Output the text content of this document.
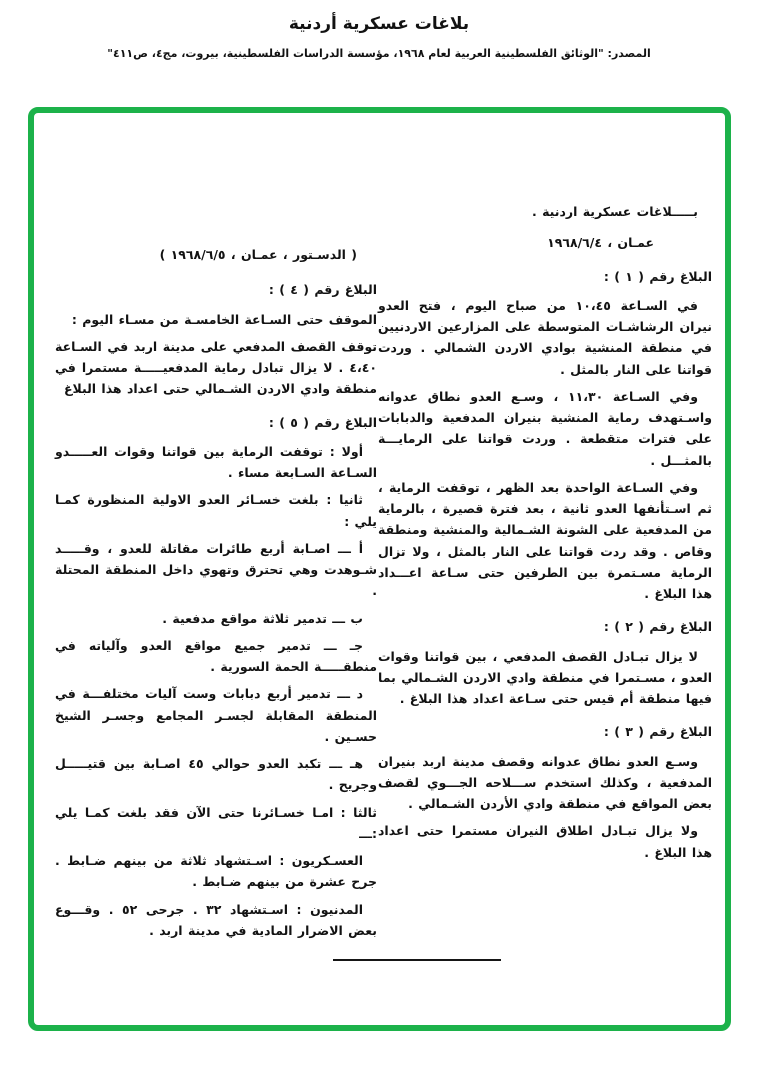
بلاغات عسكرية أردنية
المصدر: "الوثائق الفلسطينية العربية لعام ١٩٦٨، مؤسسة الدراسات الفلسطينية، بيروت، مج٤، ص٤١١"

بـــــلاغات عسكرية اردنية .

عمـان ، ١٩٦٨/٦/٤

البلاغ رقم ( ١ ) :

في السـاعة ١٠،٤٥ من صباح اليوم ، فتح العدو نيران الرشاشـات المتوسطة على المزارعين الاردنيين في منطقة المنشية بوادي الاردن الشمالي . وردت قواتنا على النار بالمثل .

وفي السـاعة ١١،٣٠ ، وسـع العدو نطاق عدوانه واسـتهدف رماية المنشية بنيران المدفعية والدبابات على فترات متقطعة . وردت قواتنا على الرمايـــة بالمثـــل .

وفي السـاعة الواحدة بعد الظهر ، توقفت الرماية ، ثم اسـتأنفها العدو ثانية ، بعد فترة قصيرة ، بالرماية من المدفعية على الشونة الشـمالية والمنشية ومنطقة وقاص . وقد ردت قواتنا على النار بالمثل ، ولا تزال الرماية مسـتمرة بين الطرفين حتى سـاعة اعـــداد هذا البلاغ .

البلاغ رقم ( ٢ ) :

لا يزال تبـادل القصف المدفعي ، بين قواتنا وقوات العدو ، مسـتمرا في منطقة وادي الاردن الشـمالي بما فيها منطقة أم قيس حتى سـاعة اعداد هذا البلاغ .

البلاغ رقم ( ٣ ) :

وسـع العدو نطاق عدوانه وقصف مدينة اربد بنيران المدفعية ، وكذلك استخدم ســـلاحه الجـــوي لقصف بعض المواقع في منطقة وادي الأردن الشـمالي .

ولا يزال تبـادل اطلاق النيران مستمرا حتى اعداد هذا البلاغ .

( الدسـتور ، عمـان ، ١٩٦٨/٦/٥ )

البلاغ رقم ( ٤ ) :

الموقف حتى السـاعة الخامسـة من مسـاء اليوم :

توقف القصف المدفعي على مدينة اربد في السـاعة ٤،٤٠ . لا يزال تبادل رماية المدفعيـــــة مستمرا في منطقة وادي الاردن الشـمالي حتى اعداد هذا البلاغ

البلاغ رقم ( ٥ ) :

أولا : توقفت الرماية بين قواتنا وقوات العـــــدو السـاعة السـابعة مساء .

ثانيا : بلغت خسـائر العدو الاولية المنظورة كمـا يلي :

أ ـــ اصـابة أربع طائرات مقاتلة للعدو ، وقـــــد شـوهدت وهي تحترق وتهوي داخل المنطقة المحتلة .

ب ـــ تدمير ثلاثة مواقع مدفعية .

جـ ـــ تدمير جميع مواقع العدو وآلياته في منطقـــــة الحمة السورية .

د ـــ تدمير أربع دبابات وست آليات مختلفـــة في المنطقة المقابلة لجسـر المجامع وجسـر الشيخ حسـين .

هـ ـــ تكبد العدو حوالي ٤٥ اصـابة بين قتيـــــل وجريح .

ثالثا : امـا خسـائرنا حتى الآن فقد بلغت كمـا يلي :ـــ

العسـكريون : اسـتشهاد ثلاثة من بينهم ضـابط . جرح عشرة من بينهم ضـابط .

المدنيون : اسـتشهاد ٣٢ . جرحى ٥٢ . وقـــوع بعض الاضرار المادية في مدينة اربد .
